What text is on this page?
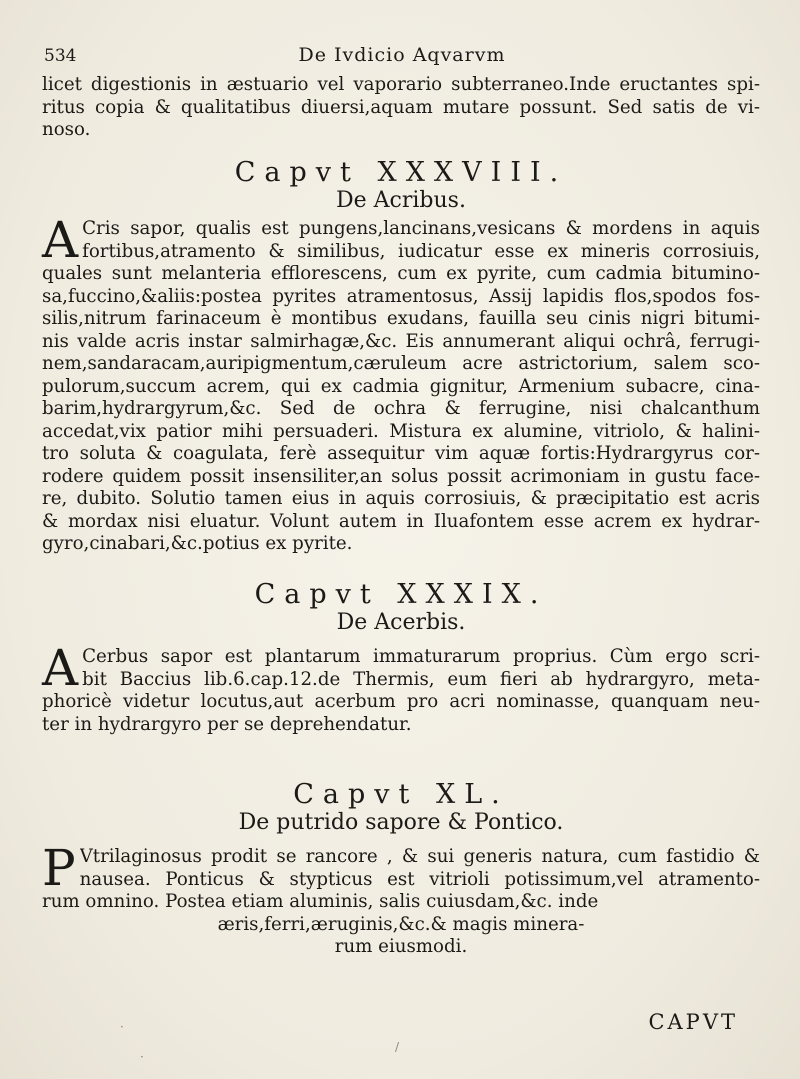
534	De Ivdicio Aqvarvm
licet digestionis in æstuario vel vaporario subterraneo.Inde eructantes spi-
ritus copia & qualitatibus diuersi,aquam mutare possunt. Sed satis de vi-
noso.
Capvt XXXVIII.
De Acribus.
A Cris sapor, qualis est pungens,lancinans,vesicans & mordens in aquis
fortibus,atramento & similibus, iudicatur esse ex mineris corrosiuis,
quales sunt melanteria efflorescens, cum ex pyrite, cum cadmia bitumino-
sa,fuccino,&aliis:postea pyrites atramentosus, Assij lapidis flos,spodos fos-
silis,nitrum farinaceum è montibus exudans, fauilla seu cinis nigri bitumi-
nis valde acris instar salmirhagæ,&c. Eis annumerant aliqui ochrâ, ferrugi-
nem,sandaracam,auripigmentum,cæruleum acre astrictorium, salem sco-
pulorum,succum acrem, qui ex cadmia gignitur, Armenium subacre, cina-
barim,hydrargyrum,&c. Sed de ochra & ferrugine, nisi chalcanthum
accedat,vix patior mihi persuaderi. Mistura ex alumine, vitriolo, & halini-
tro soluta & coagulata, ferè assequitur vim aquæ fortis:Hydrargyrus cor-
rodere quidem possit insensiliter,an solus possit acrimoniam in gustu face-
re, dubito. Solutio tamen eius in aquis corrosiuis, & præcipitatio est acris
& mordax nisi eluatur. Volunt autem in Iluafontem esse acrem ex hydrar-
gyro,cinabari,&c.potius ex pyrite.
Capvt XXXIX.
De Acerbis.
A Cerbus sapor est plantarum immaturarum proprius. Cùm ergo scri-
bit Baccius lib.6.cap.12.de Thermis, eum fieri ab hydrargyro, meta-
phoricè videtur locutus,aut acerbum pro acri nominasse, quanquam neu-
ter in hydrargyro per se deprehendatur.
Capvt XL.
De putrido sapore & Pontico.
P Vtrilaginosus prodit se rancore , & sui generis natura, cum fastidio &
nausea. Ponticus & stypticus est vitrioli potissimum,vel atramento-
rum omnino. Postea etiam aluminis, salis cuiusdam,&c. inde
æris,ferri,æruginis,&c.& magis minera-
rum eiusmodi.
CAPVT
·
/
·
